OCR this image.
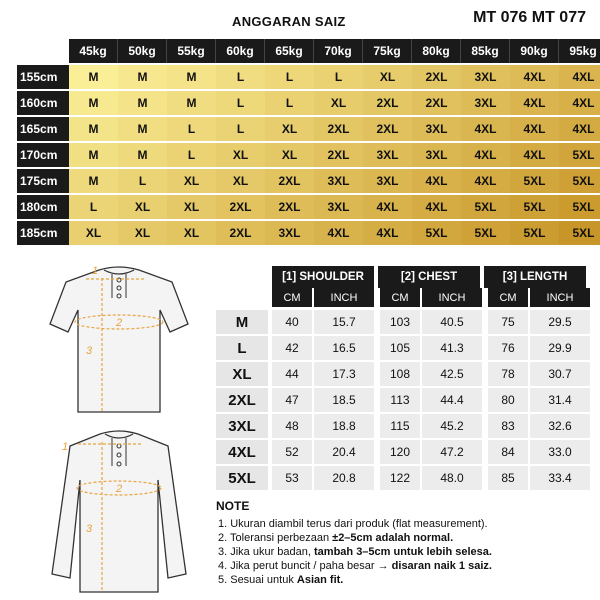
ANGGARAN SAIZ	MT 076 MT 077
45kg	50kg	55kg	60kg	65kg	70kg	75kg	80kg	85kg	90kg	95kg
155cm	M	M	M	L	L	L	XL	2XL	3XL	4XL	4XL
160cm	M	M	M	L	L	XL	2XL	2XL	3XL	4XL	4XL
165cm	M	M	L	L	XL	2XL	2XL	3XL	4XL	4XL	4XL
170cm	M	M	L	XL	XL	2XL	3XL	3XL	4XL	4XL	5XL
175cm	M	L	XL	XL	2XL	3XL	3XL	4XL	4XL	5XL	5XL
180cm	L	XL	XL	2XL	2XL	3XL	4XL	4XL	5XL	5XL	5XL
185cm	XL	XL	XL	2XL	3XL	4XL	4XL	5XL	5XL	5XL	5XL
1
2
3
1
2
3
[1] SHOULDER	[2] CHEST	[3] LENGTH
CM	INCH	CM	INCH	CM	INCH
M	40	15.7	103	40.5	75	29.5
L	42	16.5	105	41.3	76	29.9
XL	44	17.3	108	42.5	78	30.7
2XL	47	18.5	113	44.4	80	31.4
3XL	48	18.8	115	45.2	83	32.6
4XL	52	20.4	120	47.2	84	33.0
5XL	53	20.8	122	48.0	85	33.4
NOTE
1. Ukuran diambil terus dari produk (flat measurement).
2. Toleransi perbezaan ±2–5cm adalah normal.
3. Jika ukur badan, tambah 3–5cm untuk lebih selesa.
4. Jika perut buncit / paha besar → disaran naik 1 saiz.
5. Sesuai untuk Asian fit.
